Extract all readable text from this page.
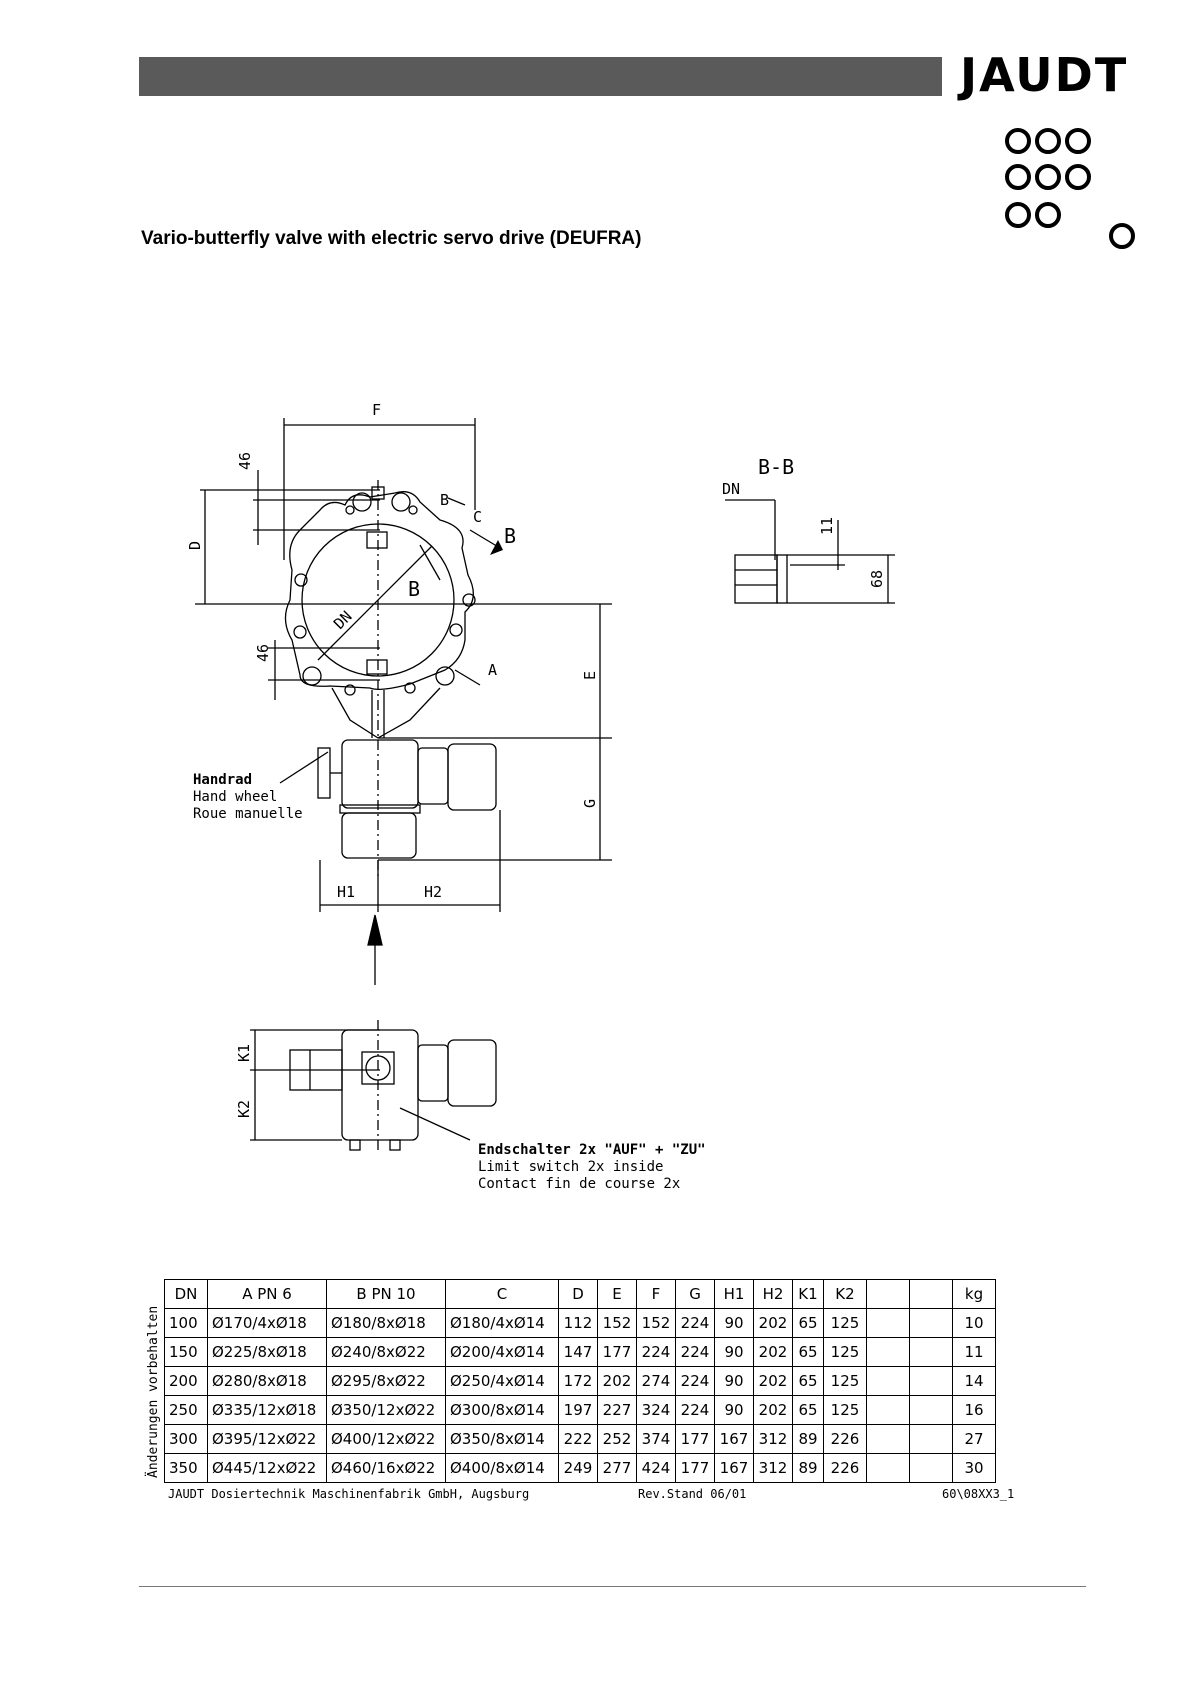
JAUDT
Vario-butterfly valve with electric servo drive (DEUFRA)
F
46
D	B
B
C
B
DN
46
A	E
G
H1	H2
Handrad
Hand wheel
Roue manuelle
B-B
DN
11
68
K1
K2
Endschalter 2x "AUF" + "ZU"
Limit switch 2x inside
Contact fin de course 2x
DN	A PN 6	B PN 10	C	D	E	F	G	H1	H2	K1	K2			kg
100	Ø170/4xØ18	Ø180/8xØ18	Ø180/4xØ14	112	152	152	224	90	202	65	125			10
150	Ø225/8xØ18	Ø240/8xØ22	Ø200/4xØ14	147	177	224	224	90	202	65	125			11
200	Ø280/8xØ18	Ø295/8xØ22	Ø250/4xØ14	172	202	274	224	90	202	65	125			14
250	Ø335/12xØ18	Ø350/12xØ22	Ø300/8xØ14	197	227	324	224	90	202	65	125			16
300	Ø395/12xØ22	Ø400/12xØ22	Ø350/8xØ14	222	252	374	177	167	312	89	226			27
350	Ø445/12xØ22	Ø460/16xØ22	Ø400/8xØ14	249	277	424	177	167	312	89	226			30
Änderungen vorbehalten
JAUDT Dosiertechnik Maschinenfabrik GmbH, Augsburg	Rev.Stand 06/01	60\08XX3_1
